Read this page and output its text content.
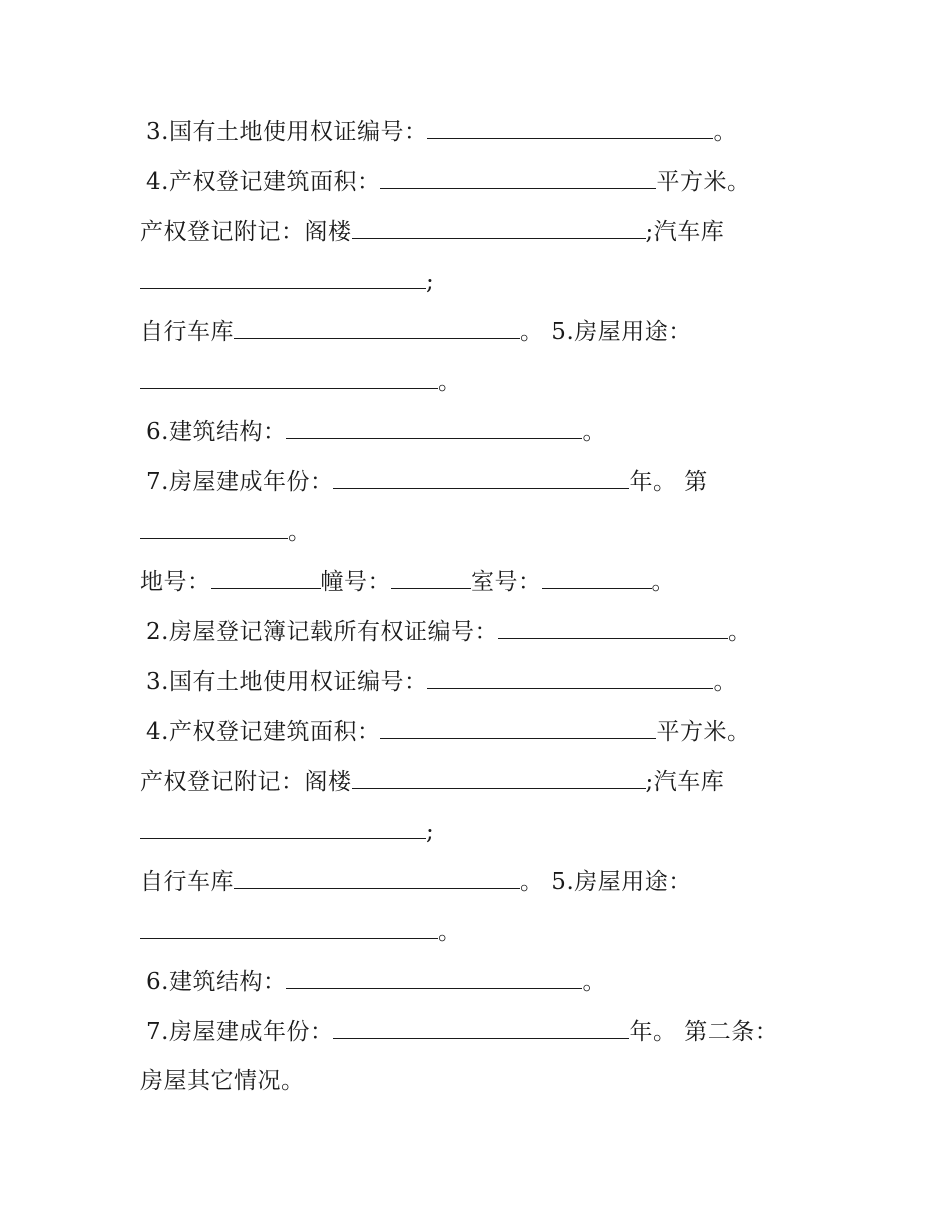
3.国有土地使用权证编号：	。
4.产权登记建筑面积：	平方米。
产权登记附记：阁楼	;汽车库
;
自行车库	。 5.房屋用途：
。
6.建筑结构：	。
7.房屋建成年份：	年。 第
。
地号：	幢号：	室号：	。
2.房屋登记簿记载所有权证编号：	。
3.国有土地使用权证编号：	。
4.产权登记建筑面积：	平方米。
产权登记附记：阁楼	;汽车库
;
自行车库	。 5.房屋用途：
。
6.建筑结构：	。
7.房屋建成年份：	年。 第二条：
房屋其它情况。
